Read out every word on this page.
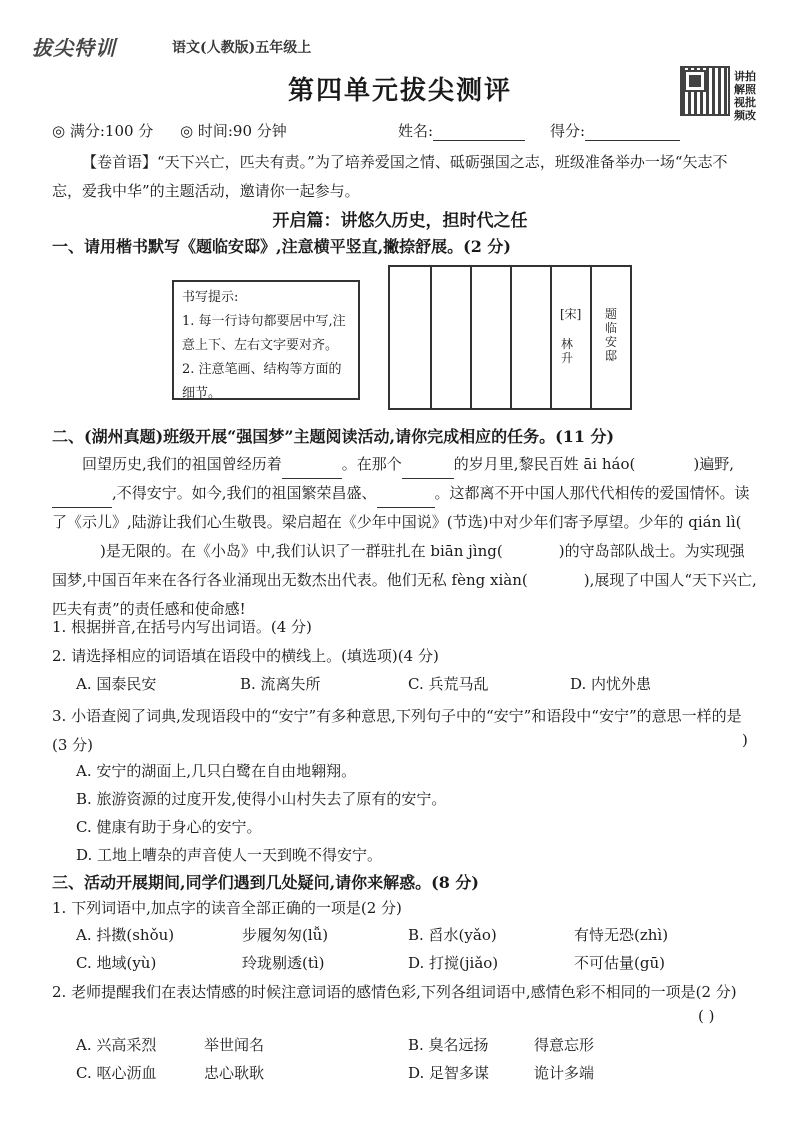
拔尖特训	语文(人教版)五年级上
第四单元拔尖测评	讲拍解照视批频改
◎ 满分:100 分 ◎ 时间:90 分钟	姓名:	得分:
【卷首语】“天下兴亡，匹夫有责。”为了培养爱国之情、砥砺强国之志，班级准备举办一场“矢志不忘，爱我中华”的主题活动，邀请你一起参与。
开启篇：讲悠久历史，担时代之任
一、请用楷书默写《题临安邸》,注意横平竖直,撇捺舒展。(2 分)
书写提示:
1. 每一行诗句都要居中写,注意上下、左右文字要对齐。
2. 注意笔画、结构等方面的细节。
[宋]
林升
题临安邸
二、(湖州真题)班级开展“强国梦”主题阅读活动,请你完成相应的任务。(11 分)
回望历史,我们的祖国曾经历着	。在那个	的岁月里,黎民百姓 āi háo(	)遍野,,不得安宁。如今,我们的祖国繁荣昌盛、	。这都离不开中国人那代代相传的爱国情怀。读了《示儿》,陆游让我们心生敬畏。梁启超在《少年中国说》(节选)中对少年们寄予厚望。少年的 qián lì()是无限的。在《小岛》中,我们认识了一群驻扎在 biān jìng(	)的守岛部队战士。为实现强国梦,中国百年来在各行各业涌现出无数杰出代表。他们无私 fèng xiàn(	),展现了中国人“天下兴亡,匹夫有责”的责任感和使命感!
1. 根据拼音,在括号内写出词语。(4 分)
2. 请选择相应的词语填在语段中的横线上。(填选项)(4 分)
A. 国泰民安	B. 流离失所	C. 兵荒马乱	D. 内忧外患
3. 小语查阅了词典,发现语段中的“安宁”有多种意思,下列句子中的“安宁”和语段中“安宁”的意思一样的是(3 分)	)
A. 安宁的湖面上,几只白鹭在自由地翱翔。
B. 旅游资源的过度开发,使得小山村失去了原有的安宁。
C. 健康有助于身心的安宁。
D. 工地上嘈杂的声音使人一天到晚不得安宁。
三、活动开展期间,同学们遇到几处疑问,请你来解惑。(8 分)
1. 下列词语中,加点字的读音全部正确的一项是(2 分)
A. 抖擞(shǒu)	步履匆匆(lǚ)	B. 舀水(yǎo)	有恃无恐(zhì)
C. 地域(yù)	玲珑剔透(tì)	D. 打搅(jiǎo)	不可估量(gū)
2. 老师提醒我们在表达情感的时候注意词语的感情色彩,下列各组词语中,感情色彩不相同的一项是(2 分)
( )
A. 兴高采烈	举世闻名	B. 臭名远扬	得意忘形
C. 呕心沥血	忠心耿耿	D. 足智多谋	诡计多端
